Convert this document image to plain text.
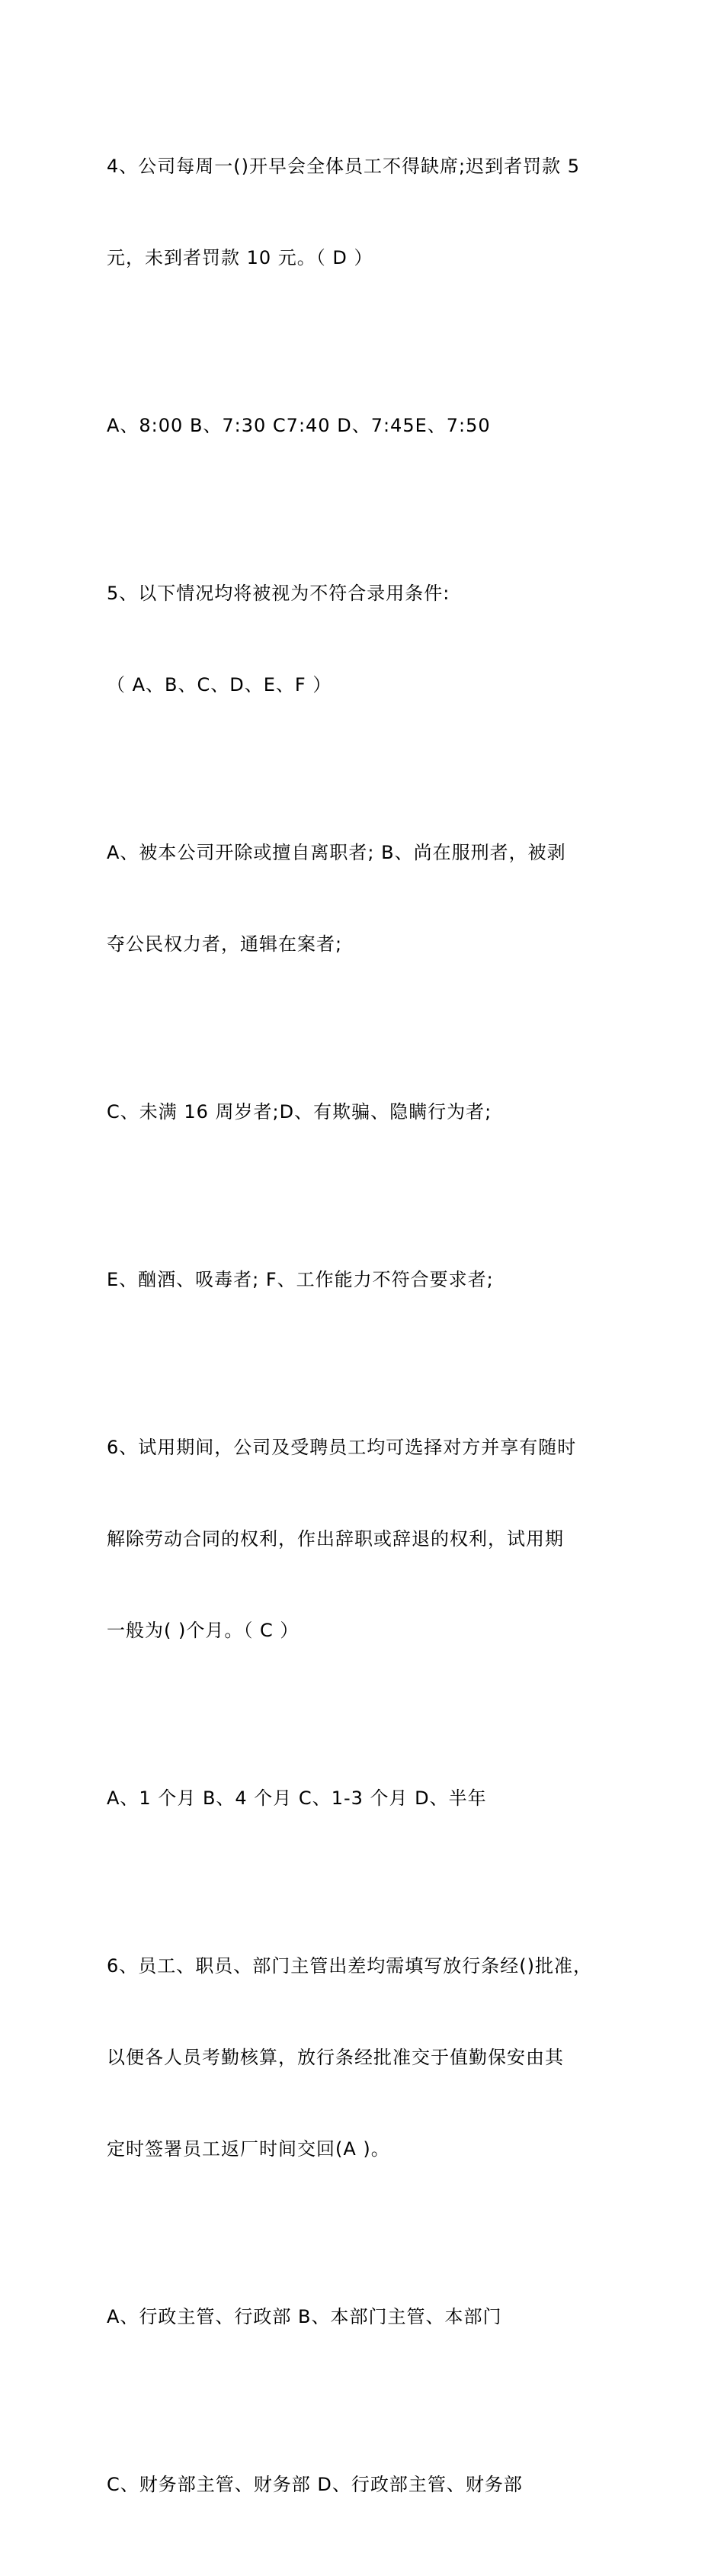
4、公司每周一()开早会全体员工不得缺席;迟到者罚款 5

元，未到者罚款 10 元。（ D ）

A、8:00 B、7:30 C7:40 D、7:45E、7:50

5、以下情况均将被视为不符合录用条件:

（ A、B、C、D、E、F ）

A、被本公司开除或擅自离职者; B、尚在服刑者，被剥

夺公民权力者，通辑在案者;

C、未满 16 周岁者;D、有欺骗、隐瞒行为者;

E、酗酒、吸毒者; F、工作能力不符合要求者;

6、试用期间，公司及受聘员工均可选择对方并享有随时

解除劳动合同的权利，作出辞职或辞退的权利，试用期

一般为( )个月。（ C ）

A、1 个月 B、4 个月 C、1-3 个月 D、半年

6、员工、职员、部门主管出差均需填写放行条经()批准，

以便各人员考勤核算，放行条经批准交于值勤保安由其

定时签署员工返厂时间交回(A )。

A、行政主管、行政部 B、本部门主管、本部门

C、财务部主管、财务部 D、行政部主管、财务部
